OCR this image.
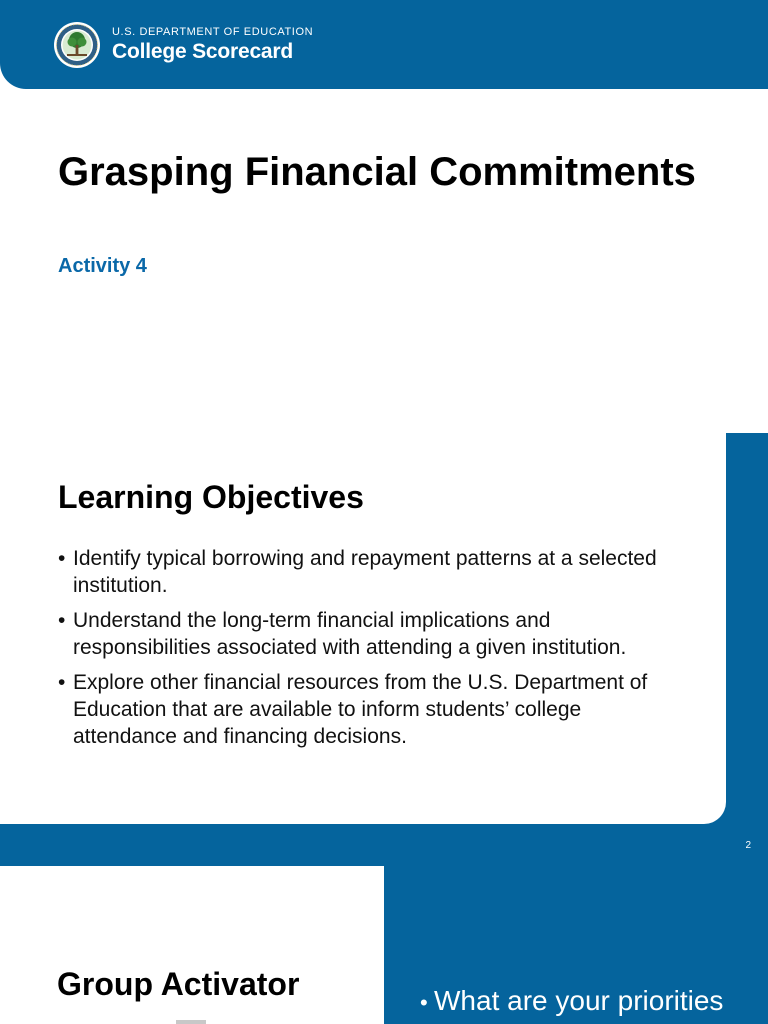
U.S. DEPARTMENT OF EDUCATION
College Scorecard
Grasping Financial Commitments
Activity 4
Learning Objectives
• Identify typical borrowing and repayment patterns at a selected institution.
• Understand the long-term financial implications and responsibilities associated with attending a given institution.
• Explore other financial resources from the U.S. Department of Education that are available to inform students’ college attendance and financing decisions.
2
Group Activator
• What are your priorities
